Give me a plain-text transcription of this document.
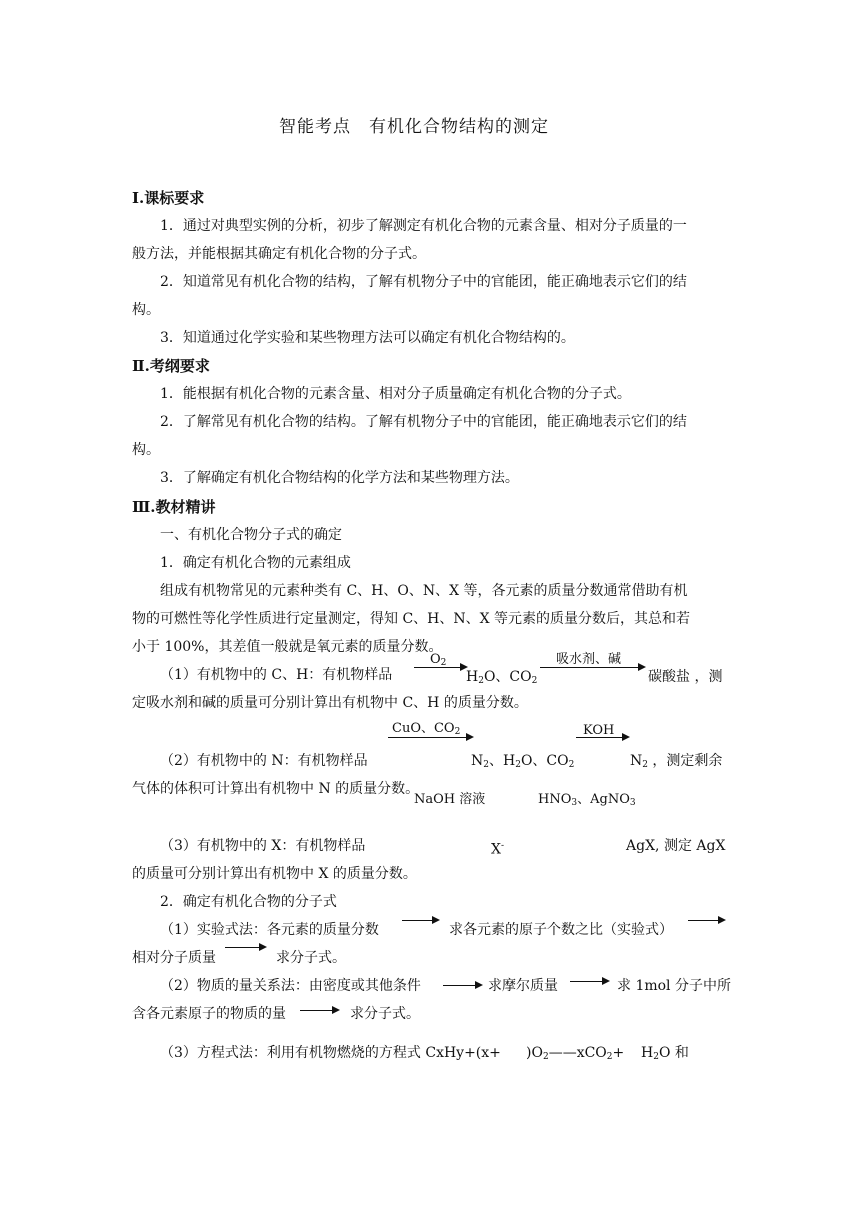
智能考点　有机化合物结构的测定
Ⅰ.课标要求
1．通过对典型实例的分析，初步了解测定有机化合物的元素含量、相对分子质量的一
般方法，并能根据其确定有机化合物的分子式。
2．知道常见有机化合物的结构，了解有机物分子中的官能团，能正确地表示它们的结
构。
3．知道通过化学实验和某些物理方法可以确定有机化合物结构的。
Ⅱ.考纲要求
1．能根据有机化合物的元素含量、相对分子质量确定有机化合物的分子式。
2．了解常见有机化合物的结构。了解有机物分子中的官能团，能正确地表示它们的结
构。
3．了解确定有机化合物结构的化学方法和某些物理方法。
Ⅲ.教材精讲
一、有机化合物分子式的确定
1．确定有机化合物的元素组成
组成有机物常见的元素种类有 C、H、O、N、X 等，各元素的质量分数通常借助有机
物的可燃性等化学性质进行定量测定，得知 C、H、N、X 等元素的质量分数后，其总和若
小于 100%，其差值一般就是氧元素的质量分数。
（1）有机物中的 C、H：有机物样品
$O_2$
$H_2O$、$CO_2$
吸水剂、碱
碳酸盐 ，测
定吸水剂和碱的质量可分别计算出有机物中 C、H 的质量分数。
CuO、$CO_2$	KOH
（2）有机物中的 N：有机物样品	$N_2$、$H_2O$、$CO_2$	$N_2$ ，测定剩余
气体的体积可计算出有机物中 N 的质量分数。
NaOH 溶液	$HNO_3$、AgNO$_3$
（3）有机物中的 X：有机物样品	X-	AgX, 测定 AgX
的质量可分别计算出有机物中 X 的质量分数。
2．确定有机化合物的分子式
（1）实验式法：各元素的质量分数	求各元素的原子个数之比（实验式）
相对分子质量	求分子式。
（2）物质的量关系法：由密度或其他条件	求摩尔质量	求 1mol 分子中所
含各元素原子的物质的量	求分子式。
（3）方程式法：利用有机物燃烧的方程式 CxHy+(x+ )$O_2——xCO_2+ H_2O$ 和
